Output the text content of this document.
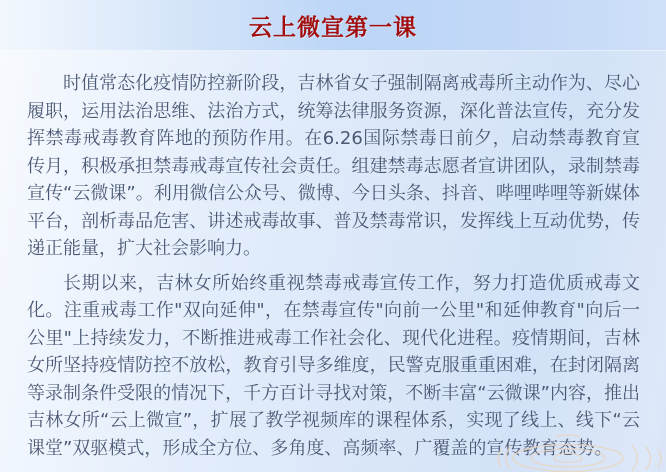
云上微宣第一课

时值常态化疫情防控新阶段，吉林省女子强制隔离戒毒所主动作为、尽心履职，运用法治思维、法治方式，统筹法律服务资源，深化普法宣传，充分发挥禁毒戒毒教育阵地的预防作用。在6.26国际禁毒日前夕，启动禁毒教育宣传月，积极承担禁毒戒毒宣传社会责任。组建禁毒志愿者宣讲团队，录制禁毒宣传“云微课”。利用微信公众号、微博、今日头条、抖音、哔哩哔哩等新媒体平台，剖析毒品危害、讲述戒毒故事、普及禁毒常识，发挥线上互动优势，传递正能量，扩大社会影响力。

长期以来，吉林女所始终重视禁毒戒毒宣传工作，努力打造优质戒毒文化。注重戒毒工作"双向延伸"，在禁毒宣传"向前一公里"和延伸教育"向后一公里"上持续发力，不断推进戒毒工作社会化、现代化进程。疫情期间，吉林女所坚持疫情防控不放松，教育引导多维度，民警克服重重困难，在封闭隔离等录制条件受限的情况下，千方百计寻找对策，不断丰富“云微课”内容，推出吉林女所“云上微宣”，扩展了教学视频库的课程体系，实现了线上、线下“云课堂”双驱模式，形成全方位、多角度、高频率、广覆盖的宣传教育态势。
